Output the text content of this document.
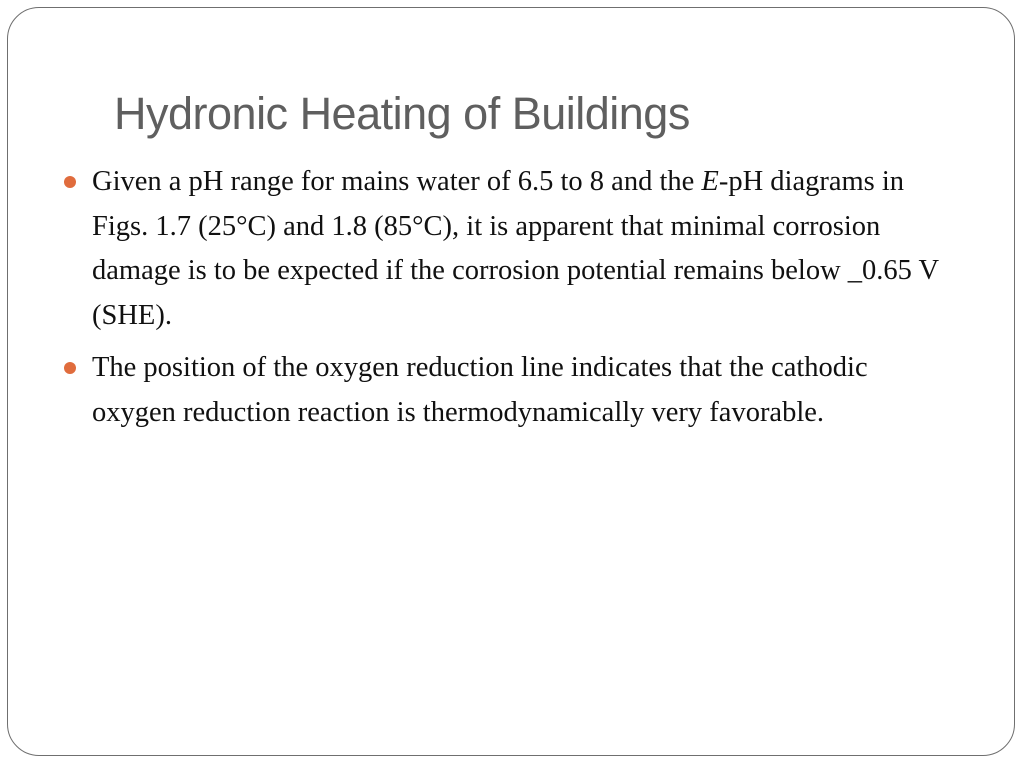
Hydronic Heating of Buildings
Given a pH range for mains water of 6.5 to 8 and the E-pH diagrams in Figs. 1.7 (25°C) and 1.8 (85°C), it is apparent that minimal corrosion damage is to be expected if the corrosion potential remains below _0.65 V (SHE).
The position of the oxygen reduction line indicates that the cathodic oxygen reduction reaction is thermodynamically very favorable.
